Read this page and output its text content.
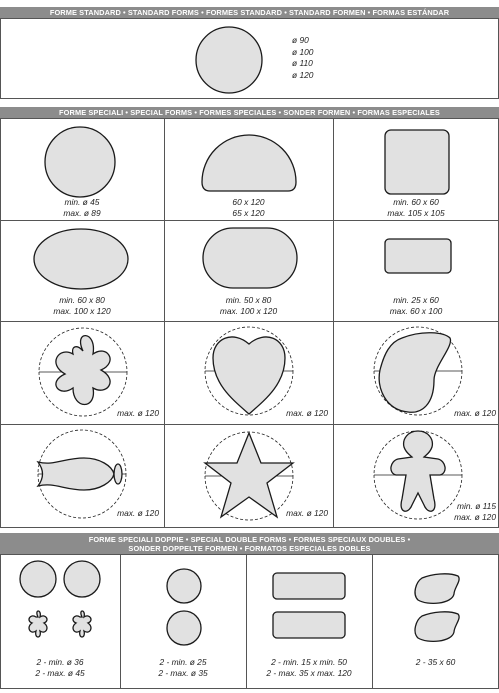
FORME STANDARD • STANDARD FORMS • FORMES STANDARD • STANDARD FORMEN • FORMAS ESTÁNDAR
ø 90
ø 100
ø 110
ø 120
FORME SPECIALI • SPECIAL FORMS • FORMES SPECIALES • SONDER FORMEN • FORMAS ESPECIALES
min. ø 45
max. ø 89
60 x 120
65 x 120
min. 60 x 60
max. 105 x 105
min. 60 x 80
max. 100 x 120
min. 50 x 80
max. 100 x 120
min. 25 x 60
max. 60 x 100
max. ø 120	max. ø 120	max. ø 120
max. ø 120	max. ø 120
min. ø 115
max. ø 120
FORME SPECIALI DOPPIE • SPECIAL DOUBLE FORMS • FORMES SPECIAUX DOUBLES •
SONDER DOPPELTE FORMEN • FORMATOS ESPECIALES DOBLES
2 - min. ø 36
2 - max. ø 45
2 - min. ø 25
2 - max. ø 35
2 - min. 15 x min. 50
2 - max. 35 x max. 120
2 - 35 x 60
